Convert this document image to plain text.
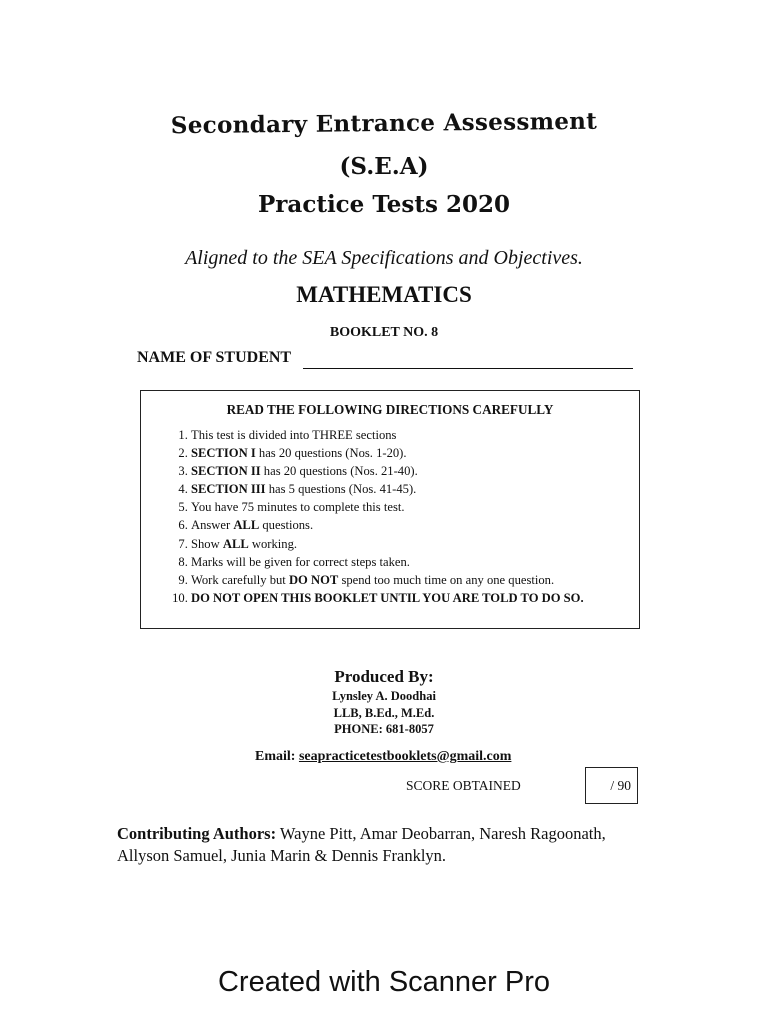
Secondary Entrance Assessment
(S.E.A)
Practice Tests 2020
Aligned to the SEA Specifications and Objectives.
MATHEMATICS
BOOKLET NO. 8
NAME OF STUDENT
READ THE FOLLOWING DIRECTIONS CAREFULLY
1. This test is divided into THREE sections
2. SECTION I has 20 questions (Nos. 1-20).
3. SECTION II has 20 questions (Nos. 21-40).
4. SECTION III has 5 questions (Nos. 41-45).
5. You have 75 minutes to complete this test.
6. Answer ALL questions.
7. Show ALL working.
8. Marks will be given for correct steps taken.
9. Work carefully but DO NOT spend too much time on any one question.
10. DO NOT OPEN THIS BOOKLET UNTIL YOU ARE TOLD TO DO SO.
Produced By:
Lynsley A. Doodhai
LLB, B.Ed., M.Ed.
PHONE: 681-8057
Email: seapracticetestbooklets@gmail.com
SCORE OBTAINED	/ 90
Contributing Authors: Wayne Pitt, Amar Deobarran, Naresh Ragoonath, Allyson Samuel, Junia Marin & Dennis Franklyn.
Created with Scanner Pro
